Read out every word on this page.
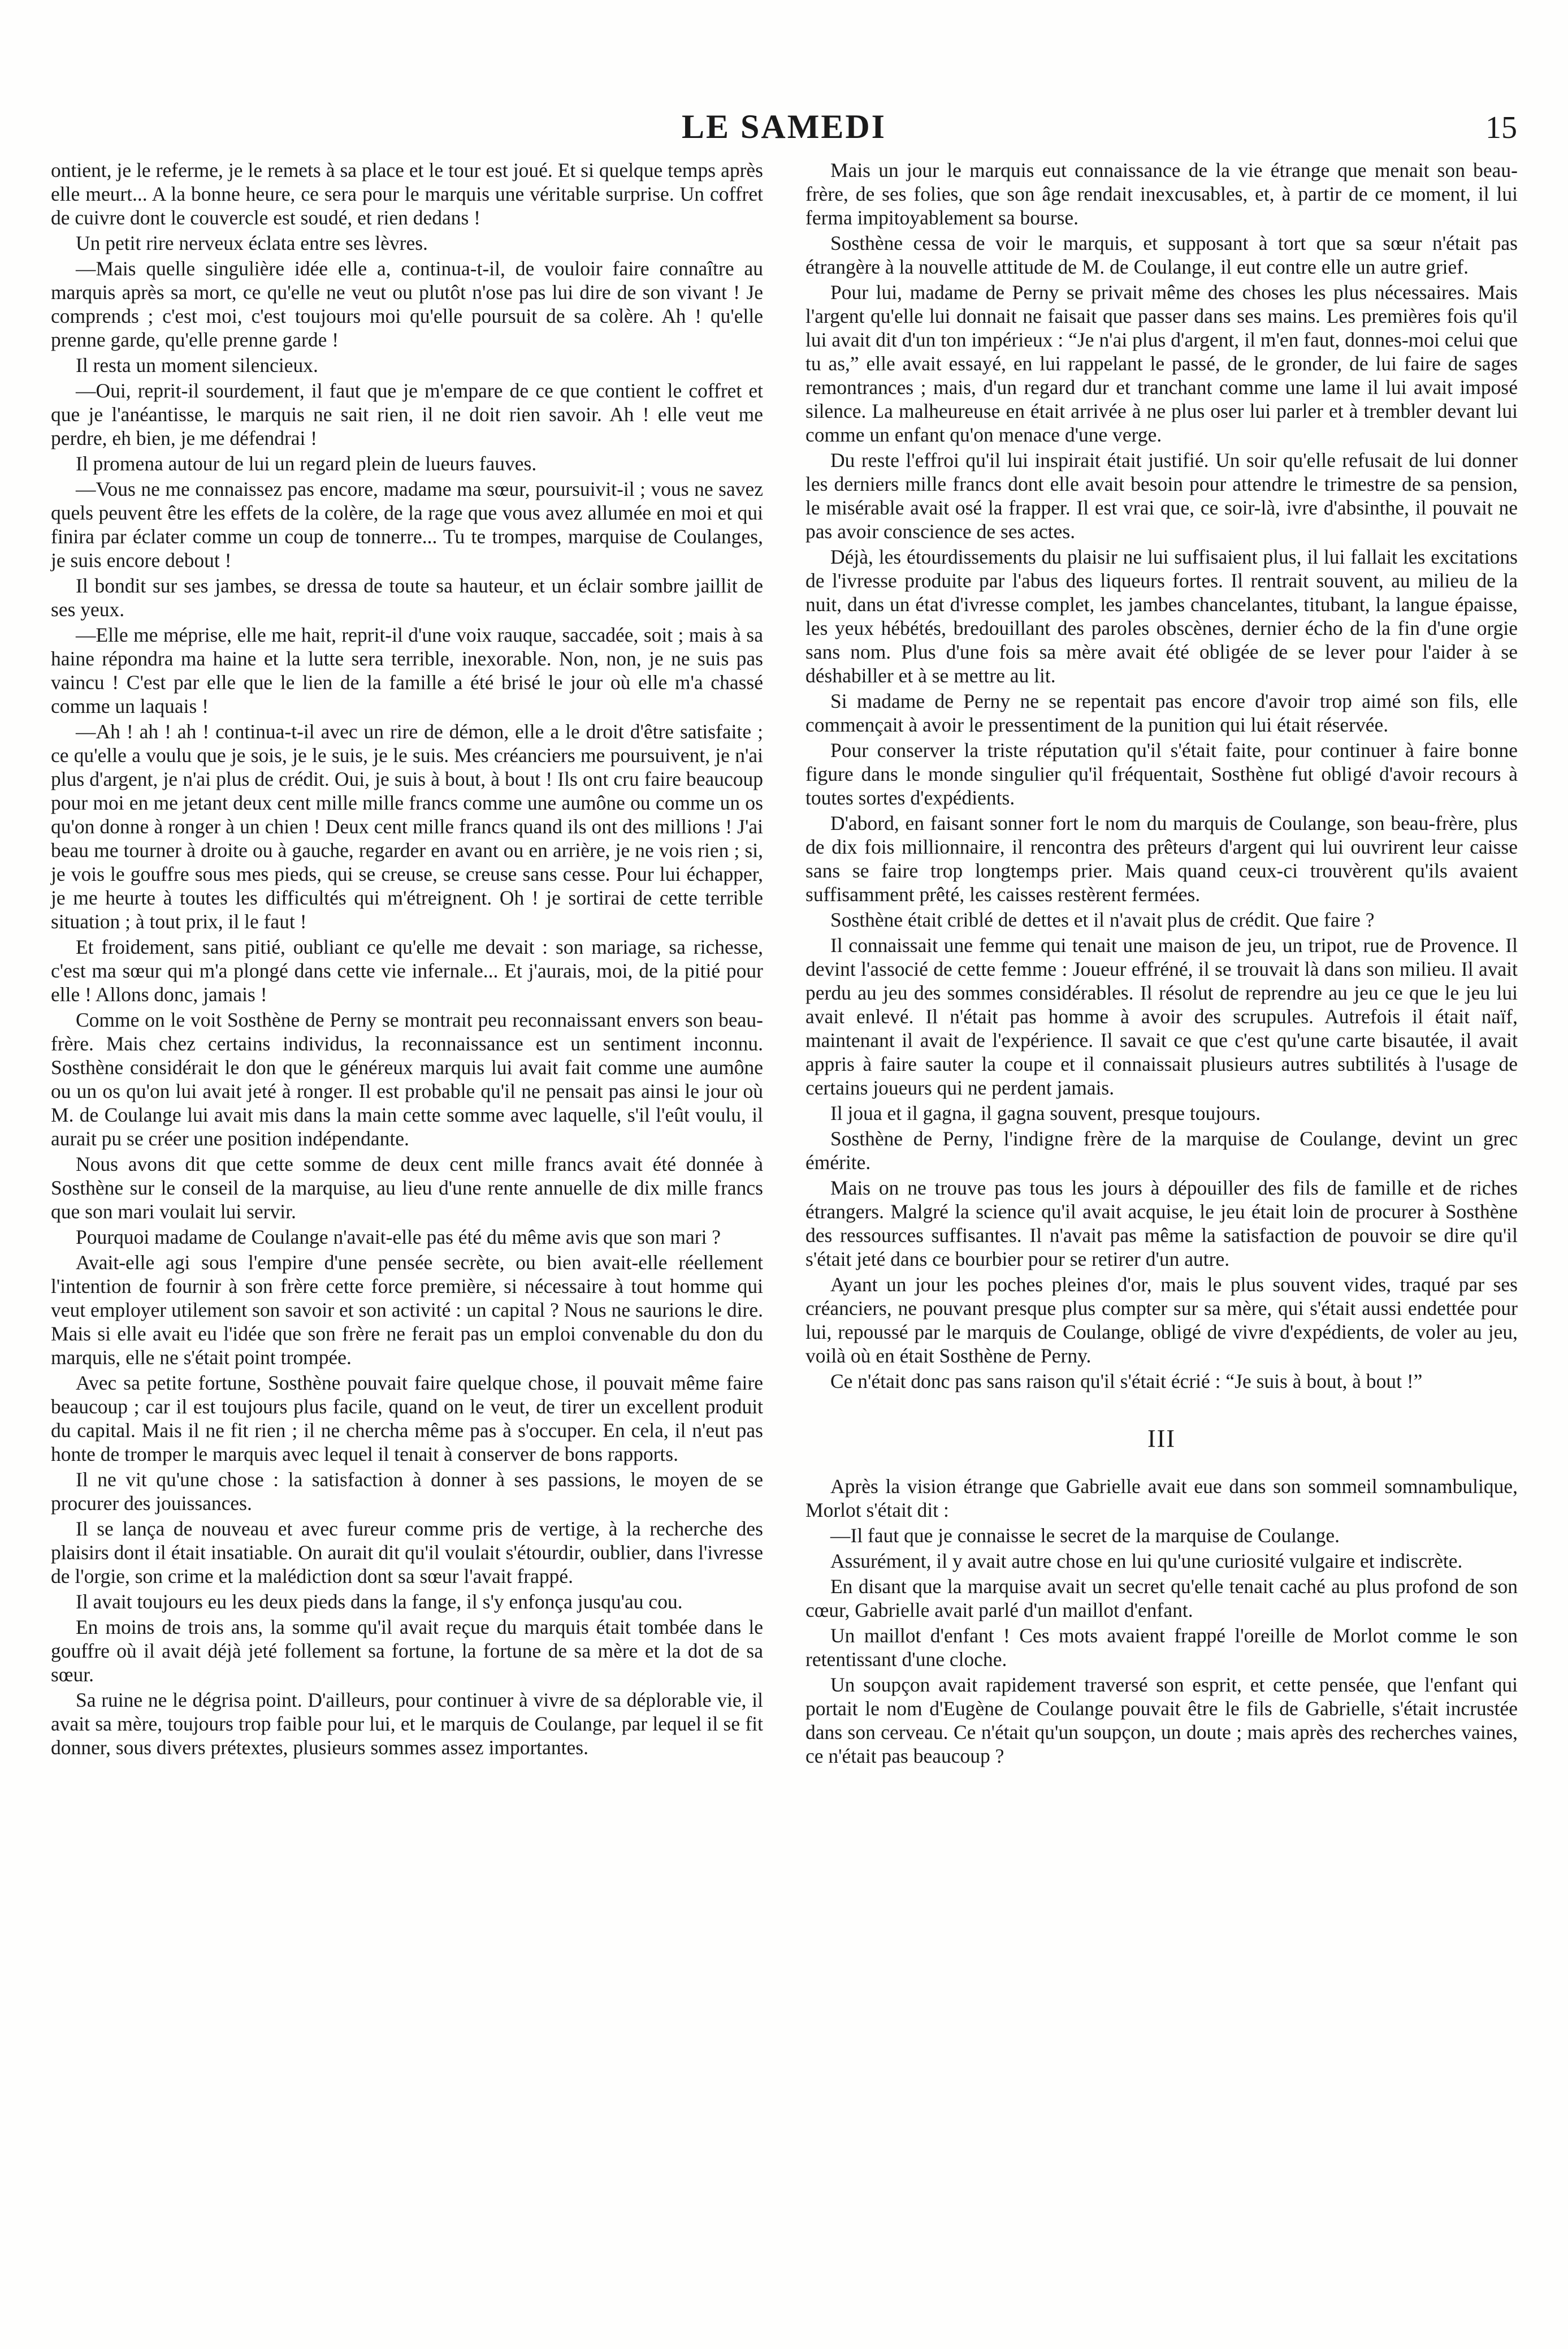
LE SAMEDI	15

ontient, je le referme, je le remets à sa place et le tour est joué. Et si quelque temps après elle meurt... A la bonne heure, ce sera pour le marquis une véritable surprise. Un coffret de cuivre dont le couvercle est soudé, et rien dedans !

Un petit rire nerveux éclata entre ses lèvres.

—Mais quelle singulière idée elle a, continua-t-il, de vouloir faire connaître au marquis après sa mort, ce qu'elle ne veut ou plutôt n'ose pas lui dire de son vivant ! Je comprends ; c'est moi, c'est toujours moi qu'elle poursuit de sa colère. Ah ! qu'elle prenne garde, qu'elle prenne garde !

Il resta un moment silencieux.

—Oui, reprit-il sourdement, il faut que je m'empare de ce que contient le coffret et que je l'anéantisse, le marquis ne sait rien, il ne doit rien savoir. Ah ! elle veut me perdre, eh bien, je me défendrai !

Il promena autour de lui un regard plein de lueurs fauves.

—Vous ne me connaissez pas encore, madame ma sœur, poursuivit-il ; vous ne savez quels peuvent être les effets de la colère, de la rage que vous avez allumée en moi et qui finira par éclater comme un coup de tonnerre... Tu te trompes, marquise de Coulanges, je suis encore debout !

Il bondit sur ses jambes, se dressa de toute sa hauteur, et un éclair sombre jaillit de ses yeux.

—Elle me méprise, elle me hait, reprit-il d'une voix rauque, saccadée, soit ; mais à sa haine répondra ma haine et la lutte sera terrible, inexorable. Non, non, je ne suis pas vaincu ! C'est par elle que le lien de la famille a été brisé le jour où elle m'a chassé comme un laquais !

—Ah ! ah ! ah ! continua-t-il avec un rire de démon, elle a le droit d'être satisfaite ; ce qu'elle a voulu que je sois, je le suis, je le suis. Mes créanciers me poursuivent, je n'ai plus d'argent, je n'ai plus de crédit. Oui, je suis à bout, à bout ! Ils ont cru faire beaucoup pour moi en me jetant deux cent mille mille francs comme une aumône ou comme un os qu'on donne à ronger à un chien ! Deux cent mille francs quand ils ont des millions ! J'ai beau me tourner à droite ou à gauche, regarder en avant ou en arrière, je ne vois rien ; si, je vois le gouffre sous mes pieds, qui se creuse, se creuse sans cesse. Pour lui échapper, je me heurte à toutes les difficultés qui m'étreignent. Oh ! je sortirai de cette terrible situation ; à tout prix, il le faut !

Et froidement, sans pitié, oubliant ce qu'elle me devait : son mariage, sa richesse, c'est ma sœur qui m'a plongé dans cette vie infernale... Et j'aurais, moi, de la pitié pour elle ! Allons donc, jamais !

Comme on le voit Sosthène de Perny se montrait peu reconnaissant envers son beau-frère. Mais chez certains individus, la reconnaissance est un sentiment inconnu. Sosthène considérait le don que le généreux marquis lui avait fait comme une aumône ou un os qu'on lui avait jeté à ronger. Il est probable qu'il ne pensait pas ainsi le jour où M. de Coulange lui avait mis dans la main cette somme avec laquelle, s'il l'eût voulu, il aurait pu se créer une position indépendante.

Nous avons dit que cette somme de deux cent mille francs avait été donnée à Sosthène sur le conseil de la marquise, au lieu d'une rente annuelle de dix mille francs que son mari voulait lui servir.

Pourquoi madame de Coulange n'avait-elle pas été du même avis que son mari ?

Avait-elle agi sous l'empire d'une pensée secrète, ou bien avait-elle réellement l'intention de fournir à son frère cette force première, si nécessaire à tout homme qui veut employer utilement son savoir et son activité : un capital ? Nous ne saurions le dire. Mais si elle avait eu l'idée que son frère ne ferait pas un emploi convenable du don du marquis, elle ne s'était point trompée.

Avec sa petite fortune, Sosthène pouvait faire quelque chose, il pouvait même faire beaucoup ; car il est toujours plus facile, quand on le veut, de tirer un excellent produit du capital. Mais il ne fit rien ; il ne chercha même pas à s'occuper. En cela, il n'eut pas honte de tromper le marquis avec lequel il tenait à conserver de bons rapports.

Il ne vit qu'une chose : la satisfaction à donner à ses passions, le moyen de se procurer des jouissances.

Il se lança de nouveau et avec fureur comme pris de vertige, à la recherche des plaisirs dont il était insatiable. On aurait dit qu'il voulait s'étourdir, oublier, dans l'ivresse de l'orgie, son crime et la malédiction dont sa sœur l'avait frappé.

Il avait toujours eu les deux pieds dans la fange, il s'y enfonça jusqu'au cou.

En moins de trois ans, la somme qu'il avait reçue du marquis était tombée dans le gouffre où il avait déjà jeté follement sa fortune, la fortune de sa mère et la dot de sa sœur.

Sa ruine ne le dégrisa point. D'ailleurs, pour continuer à vivre de sa déplorable vie, il avait sa mère, toujours trop faible pour lui, et le marquis de Coulange, par lequel il se fit donner, sous divers prétextes, plusieurs sommes assez importantes.

Mais un jour le marquis eut connaissance de la vie étrange que menait son beau-frère, de ses folies, que son âge rendait inexcusables, et, à partir de ce moment, il lui ferma impitoyablement sa bourse.

Sosthène cessa de voir le marquis, et supposant à tort que sa sœur n'était pas étrangère à la nouvelle attitude de M. de Coulange, il eut contre elle un autre grief.

Pour lui, madame de Perny se privait même des choses les plus nécessaires. Mais l'argent qu'elle lui donnait ne faisait que passer dans ses mains. Les premières fois qu'il lui avait dit d'un ton impérieux : “Je n'ai plus d'argent, il m'en faut, donnes-moi celui que tu as,” elle avait essayé, en lui rappelant le passé, de le gronder, de lui faire de sages remontrances ; mais, d'un regard dur et tranchant comme une lame il lui avait imposé silence. La malheureuse en était arrivée à ne plus oser lui parler et à trembler devant lui comme un enfant qu'on menace d'une verge.

Du reste l'effroi qu'il lui inspirait était justifié. Un soir qu'elle refusait de lui donner les derniers mille francs dont elle avait besoin pour attendre le trimestre de sa pension, le misérable avait osé la frapper. Il est vrai que, ce soir-là, ivre d'absinthe, il pouvait ne pas avoir conscience de ses actes.

Déjà, les étourdissements du plaisir ne lui suffisaient plus, il lui fallait les excitations de l'ivresse produite par l'abus des liqueurs fortes. Il rentrait souvent, au milieu de la nuit, dans un état d'ivresse complet, les jambes chancelantes, titubant, la langue épaisse, les yeux hébétés, bredouillant des paroles obscènes, dernier écho de la fin d'une orgie sans nom. Plus d'une fois sa mère avait été obligée de se lever pour l'aider à se déshabiller et à se mettre au lit.

Si madame de Perny ne se repentait pas encore d'avoir trop aimé son fils, elle commençait à avoir le pressentiment de la punition qui lui était réservée.

Pour conserver la triste réputation qu'il s'était faite, pour continuer à faire bonne figure dans le monde singulier qu'il fréquentait, Sosthène fut obligé d'avoir recours à toutes sortes d'expédients.

D'abord, en faisant sonner fort le nom du marquis de Coulange, son beau-frère, plus de dix fois millionnaire, il rencontra des prêteurs d'argent qui lui ouvrirent leur caisse sans se faire trop longtemps prier. Mais quand ceux-ci trouvèrent qu'ils avaient suffisamment prêté, les caisses restèrent fermées.

Sosthène était criblé de dettes et il n'avait plus de crédit. Que faire ?

Il connaissait une femme qui tenait une maison de jeu, un tripot, rue de Provence. Il devint l'associé de cette femme : Joueur effréné, il se trouvait là dans son milieu. Il avait perdu au jeu des sommes considérables. Il résolut de reprendre au jeu ce que le jeu lui avait enlevé. Il n'était pas homme à avoir des scrupules. Autrefois il était naïf, maintenant il avait de l'expérience. Il savait ce que c'est qu'une carte bisautée, il avait appris à faire sauter la coupe et il connaissait plusieurs autres subtilités à l'usage de certains joueurs qui ne perdent jamais.

Il joua et il gagna, il gagna souvent, presque toujours.

Sosthène de Perny, l'indigne frère de la marquise de Coulange, devint un grec émérite.

Mais on ne trouve pas tous les jours à dépouiller des fils de famille et de riches étrangers. Malgré la science qu'il avait acquise, le jeu était loin de procurer à Sosthène des ressources suffisantes. Il n'avait pas même la satisfaction de pouvoir se dire qu'il s'était jeté dans ce bourbier pour se retirer d'un autre.

Ayant un jour les poches pleines d'or, mais le plus souvent vides, traqué par ses créanciers, ne pouvant presque plus compter sur sa mère, qui s'était aussi endettée pour lui, repoussé par le marquis de Coulange, obligé de vivre d'expédients, de voler au jeu, voilà où en était Sosthène de Perny.

Ce n'était donc pas sans raison qu'il s'était écrié : “Je suis à bout, à bout !”

III

Après la vision étrange que Gabrielle avait eue dans son sommeil somnambulique, Morlot s'était dit :

—Il faut que je connaisse le secret de la marquise de Coulange.

Assurément, il y avait autre chose en lui qu'une curiosité vulgaire et indiscrète.

En disant que la marquise avait un secret qu'elle tenait caché au plus profond de son cœur, Gabrielle avait parlé d'un maillot d'enfant.

Un maillot d'enfant ! Ces mots avaient frappé l'oreille de Morlot comme le son retentissant d'une cloche.

Un soupçon avait rapidement traversé son esprit, et cette pensée, que l'enfant qui portait le nom d'Eugène de Coulange pouvait être le fils de Gabrielle, s'était incrustée dans son cerveau. Ce n'était qu'un soupçon, un doute ; mais après des recherches vaines, ce n'était pas beaucoup ?
